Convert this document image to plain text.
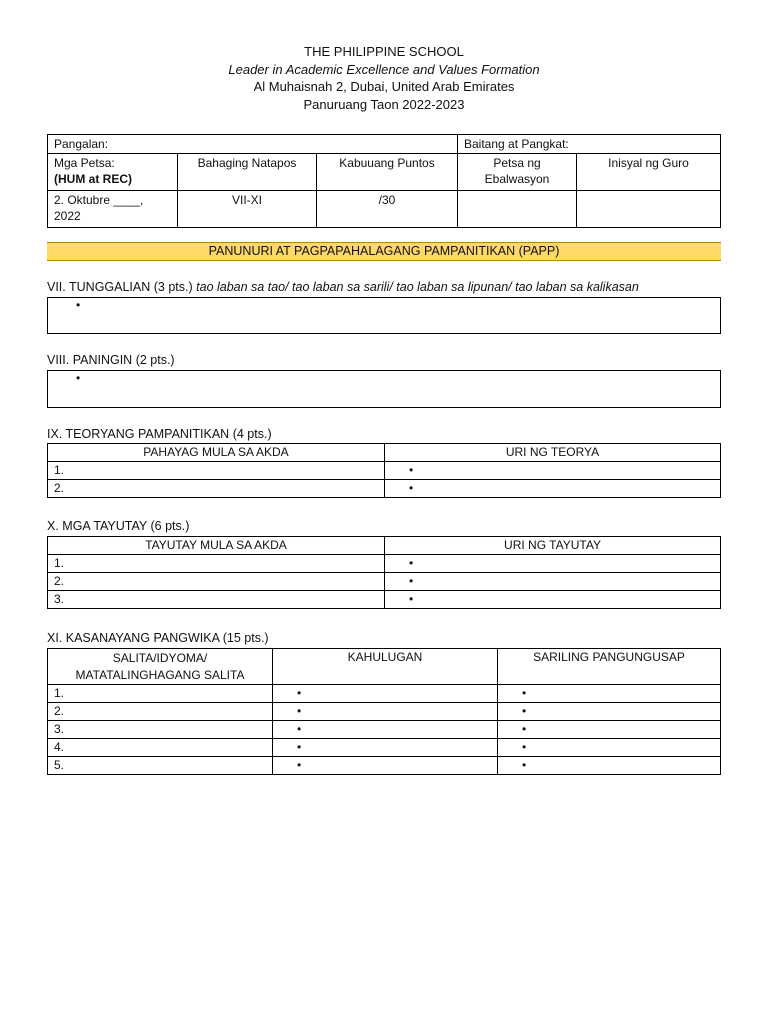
THE PHILIPPINE SCHOOL
Leader in Academic Excellence and Values Formation
Al Muhaisnah 2, Dubai, United Arab Emirates
Panuruang Taon 2022-2023
Pangalan:			Baitang at Pangkat:	

Mga Petsa:
(HUM at REC)	Bahaging Natapos	Kabuuang Puntos	Petsa ng Ebalwasyon	Inisyal ng Guro
2. Oktubre ____, 2022	VII-XI	/30		
PANUNURI AT PAGPAPAHALAGANG PAMPANITIKAN (PAPP)
VII. TUNGGALIAN (3 pts.) tao laban sa tao/ tao laban sa sarili/ tao laban sa lipunan/ tao laban sa kalikasan
•
VIII. PANINGIN (2 pts.)
•
IX. TEORYANG PAMPANITIKAN (4 pts.)
PAHAYAG MULA SA AKDA	URI NG TEORYA
1.	•
2.	•
X. MGA TAYUTAY (6 pts.)
TAYUTAY MULA SA AKDA	URI NG TAYUTAY
1.	•
2.	•
3.	•
XI. KASANAYANG PANGWIKA (15 pts.)
SALITA/IDYOMA/ MATATALINGHAGANG SALITA	KAHULUGAN	SARILING PANGUNGUSAP
1.	•	•
2.	•	•
3.	•	•
4.	•	•
5.	•	•
